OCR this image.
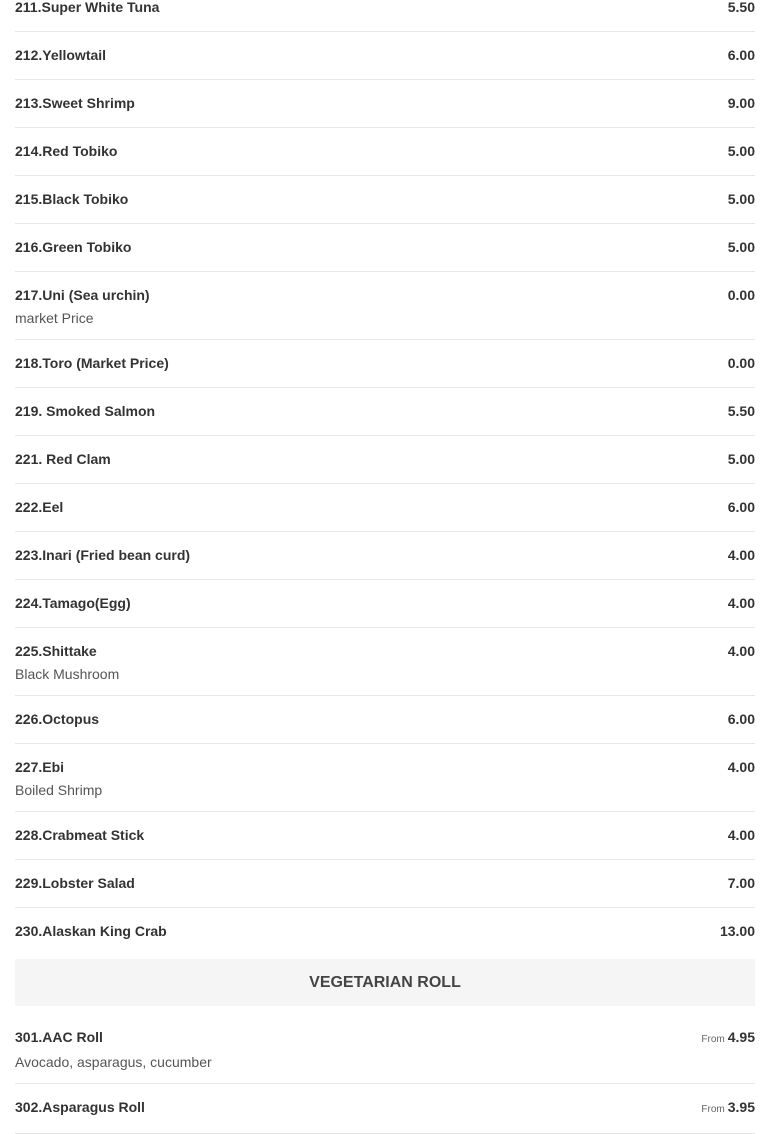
211.Super White Tuna	5.50
212.Yellowtail	6.00
213.Sweet Shrimp	9.00
214.Red Tobiko	5.00
215.Black Tobiko	5.00
216.Green Tobiko	5.00
217.Uni (Sea urchin)	0.00
market Price
218.Toro (Market Price)	0.00
219. Smoked Salmon	5.50
221. Red Clam	5.00
222.Eel	6.00
223.Inari (Fried bean curd)	4.00
224.Tamago(Egg)	4.00
225.Shittake	4.00
Black Mushroom
226.Octopus	6.00
227.Ebi	4.00
Boiled Shrimp
228.Crabmeat Stick	4.00
229.Lobster Salad	7.00
230.Alaskan King Crab	13.00
VEGETARIAN ROLL
301.AAC Roll	From 4.95
Avocado, asparagus, cucumber
302.Asparagus Roll	From 3.95
